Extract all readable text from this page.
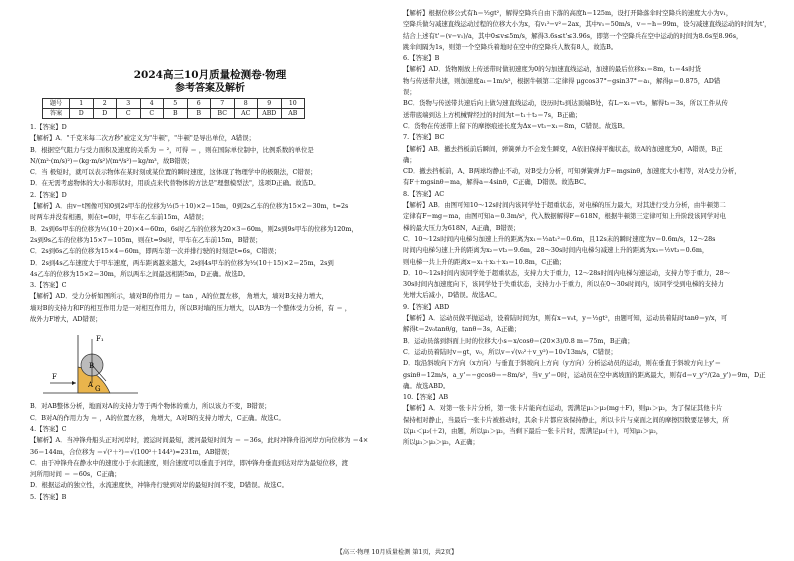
2024高三10月质量检测卷·物理
参考答案及解析
题号	1	2	3	4	5	6	7	8	9	10
答案	D	D	C	C	B	B	BC	AC	ABD	AB

1.【答案】D

【解析】A．"千克米每二次方秒"被定义为"牛顿"，"牛顿"是导出单位，A错误；

B．根据空气阻力与受力面积及速度的关系为 ＝ ²，可得 ＝ ，则在国际单位制中，比例系数的单位是

N/(m²·(m/s)²)＝(kg·m/s²)/(m⁴/s²)＝kg/m³，故B错误；

C．当 极短时，就可以表示物体在某时刻或某位置的瞬时速度，这体现了物理学中的极限法，C错误；

D．在无需考虑物体的大小和形状时，用质点来代替物体的方法是"理想模型法"，选项D正确。故选D。

2.【答案】D

【解析】A．由v−t图像可知0到2s甲车的位移为½(5＋10)×2＝15m，0到2s乙车的位移为15×2＝30m，t=2s

时两车并没有相遇，则在t=0时，甲车在乙车前15m，A错误；

B．2s到6s甲车的位移为½(10＋20)×4＝60m，6s时乙车的位移为20×3＝60m，则2s到9s甲车的位移为120m，

2s到9s乙车的位移为15×7＝105m，则在t=9s时，甲车在乙车前15m，B错误；

C．2s到6s乙车的位移为15×4＝60m，即两车第一次并排行驶的时刻是t=6s，C错误；

D．2s到4s乙车速度大于甲车速度，两车距离越来越大，2s到4s甲车的位移为½(10＋15)×2＝25m，2s到

4s乙车的位移为15×2＝30m，所以两车之间最远相距5m，D正确。故选D。

3.【答案】C

【解析】AD．受力分析如图所示，墙对B的作用力 ＝ tan ，A的位置左移， 角增大，墙对B支持力增大，

墙对B的支持力和F的相互作用力是一对相互作用力，所以B对墙的压力增大，以AB为一个整体受力分析，有 ＝ ，

故外力F增大，AD错误；

F₁
A
B
G
F

B．对AB整体分析，地面对A的支持力等于两个物体的重力，所以该力不变，B错误；

C．B对A的作用力为 ＝ ，A的位置左移， 角增大，A对B的支持力增大，C正确。故选C。

4.【答案】C

【解析】A．当冲锋舟船头正对河岸时，渡运时间最短，渡河最短时间为 ＝ ＝36s，此时冲锋舟沿河岸方向位移为 ＝4×

36＝144m，合位移为 ＝√(²＋²)＝√(100²＋144²)≈231m，AB错误；

C．由于冲锋舟在静水中的速度小于水流速度，则合速度可以垂直于河岸，即冲锋舟垂直到达对岸为最短位移，渡

河所用时间 ＝ ＝60s，C正确；

D．根据运动的独立性，水流速度快，冲锋舟行驶到对岸的最短时间不变，D错误。故选C。

5.【答案】B

【解析】根据位移公式有h＝½gt²，解得空降兵自由下落的高度h＝125m，设打开降落伞时空降兵的速度大小为v₁，

空降兵做匀减速直线运动过程的位移大小为x，有v₁²−v²＝2ax，其中v₁＝50m/s，v＝−h＝99m，设匀减速直线运动的时间为t'，

结合上述有t'＝(v−v₁)/a，其中0≤v≤5m/s，解得3.6s≤t'≤3.96s，即第一个空降兵在空中运动的时间为8.6s至8.96s，

跳伞间隔为1s，则第一个空降兵着地时在空中的空降兵人数有8人，故选B。

6.【答案】B

【解析】AD．货物刚放上传送带时做初速度为0的匀加速直线运动，加速的最后位移x₁＝8m，t₁＝4s时货

物与传送带共速，则加速度a₁＝1m/s²，根据牛顿第二定律得 μgcos37°−gsin37°＝a₁，解得μ＝0.875，AD错

误；

BC．货物与传送带共速后向上做匀速直线运动，设历时t₂到达顶端B处，有L−x₁＝vt₂，解得t₂＝3s，所以工件从传

送带底端到达上方机械臂经过的时间为t＝t₁＋t₂＝7s，B正确；

C．货物在传送带上留下的摩擦痕迹长度为Δx＝vt₁−x₁＝8m，C错误。故选B。

7.【答案】BC

【解析】AB．撤去挡板前后瞬间，弹簧弹力不会发生瞬变，A依旧保持平衡状态，故A的加速度为0，A错误，B正

确；

CD．撤去挡板前，A、B两球均静止不动，对B受力分析，可知弹簧弹力F＝mgsinθ，加速度大小相等，对A受力分析，

有F＋mgsinθ＝ma，解得a＝4sinθ，C正确，D错误。故选BC。

8.【答案】AC

【解析】AB．由图可知10～12s时间内该同学处于超重状态，对电梯的压力最大，对其进行受力分析，由牛顿第二

定律有F−mg＝ma，由图可知a＝0.3m/s²，代入数据解得F＝618N，根据牛顿第三定律可知上升阶段该同学对电

梯的最大压力为618N，A正确，B错误；

C．10～12s时间内电梯匀加速上升的距离为x₁＝½at₁²＝0.6m，且12s末的瞬时速度为v＝0.6m/s，12～28s

时间内电梯匀速上升的距离为x₂＝vt₂＝9.6m，28～30s时间内电梯匀减速上升的距离为x₃＝½vt₃＝0.6m，

则电梯一共上升的距离x＝x₁＋x₂＋x₃＝10.8m，C正确；

D．10～12s时间内该同学处于超重状态，支持力大于重力，12～28s时间内电梯匀速运动，支持力等于重力，28～

30s时间内加速度向下，该同学处于失重状态，支持力小于重力，所以在0～30s时间内，该同学受到电梯的支持力

先增大后减小，D错误。故选AC。

9.【答案】ABD

【解析】A．运动员做平抛运动，设着陆时间为t，则有x＝v₀t，y＝½gt²，由题可知，运动员着陆时tanθ＝y/x，可

解得t＝2v₀tanθ/g，tanθ＝3s，A正确；

B．运动员落到斜面上时的位移大小s＝x/cosθ＝(20×3)/0.8 m＝75m，B正确；

C．运动员着陆时v＝gt，v₀，所以v＝√(v₀²＋v_y²)＝10√13m/s，C错误；

D．取沿斜坡向下方向（x方向）与垂直于斜坡向上方向（y方向）分析运动员的运动，则在垂直于斜坡方向上y'＝

gsinθ＝12m/s，a_y'＝−gcosθ＝−8m/s²，当v_y'＝0时，运动员在空中离坡面的距离最大，则有d＝v_y'²/(2a_y')＝9m，D正

确。故选ABD。

10.【答案】AB

【解析】A．对第一张卡片分析，第一张卡片能向右运动，需满足μ₁＞μ₂(mg＋F)，则μ₁＞μ₂，为了保证其他卡片

保持相对静止，当最后一张卡片被推动时，其余卡片都应该保持静止，所以卡片与桌面之间的摩擦因数要足够大，所

以μ₁＜μ₂(＋2)，由题，所以μ₁＞μ₂，当剩下最后一张卡片时，需满足μ₂(＋)，可知μ₁＞μ₂，

所以μ₁＞μ₃＞μ₂，A正确；

【高三·物理 10月质量检测 第1页，共2页】
